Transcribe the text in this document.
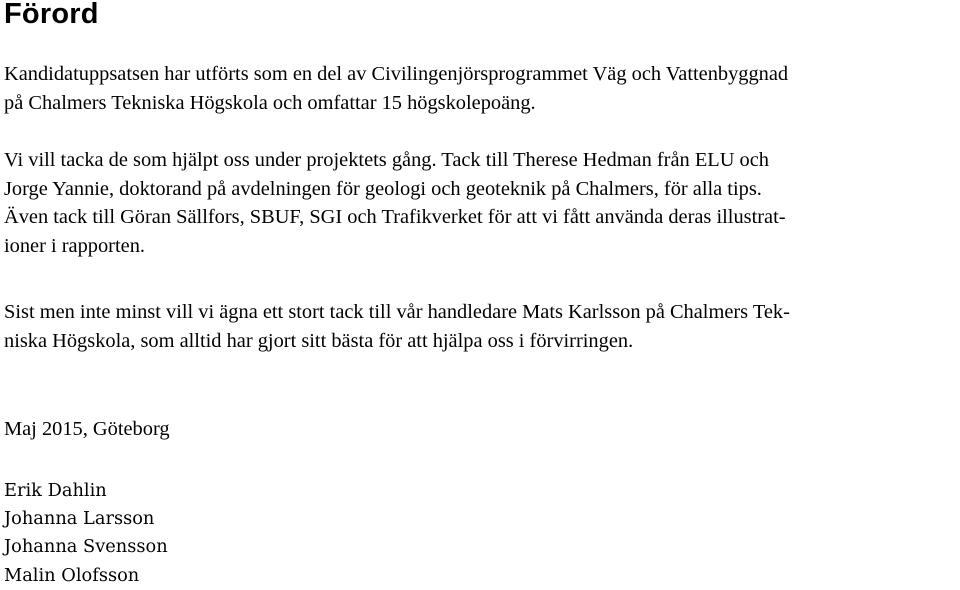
Förord

Kandidatuppsatsen har utförts som en del av Civilingenjörsprogrammet Väg och Vattenbyggnad
på Chalmers Tekniska Högskola och omfattar 15 högskolepoäng.

Vi vill tacka de som hjälpt oss under projektets gång. Tack till Therese Hedman från ELU och
Jorge Yannie, doktorand på avdelningen för geologi och geoteknik på Chalmers, för alla tips.
Även tack till Göran Sällfors, SBUF, SGI och Trafikverket för att vi fått använda deras illustrat-
ioner i rapporten.

Sist men inte minst vill vi ägna ett stort tack till vår handledare Mats Karlsson på Chalmers Tek-
niska Högskola, som alltid har gjort sitt bästa för att hjälpa oss i förvirringen.

Maj 2015, Göteborg

Erik Dahlin
Johanna Larsson
Johanna Svensson
Malin Olofsson
